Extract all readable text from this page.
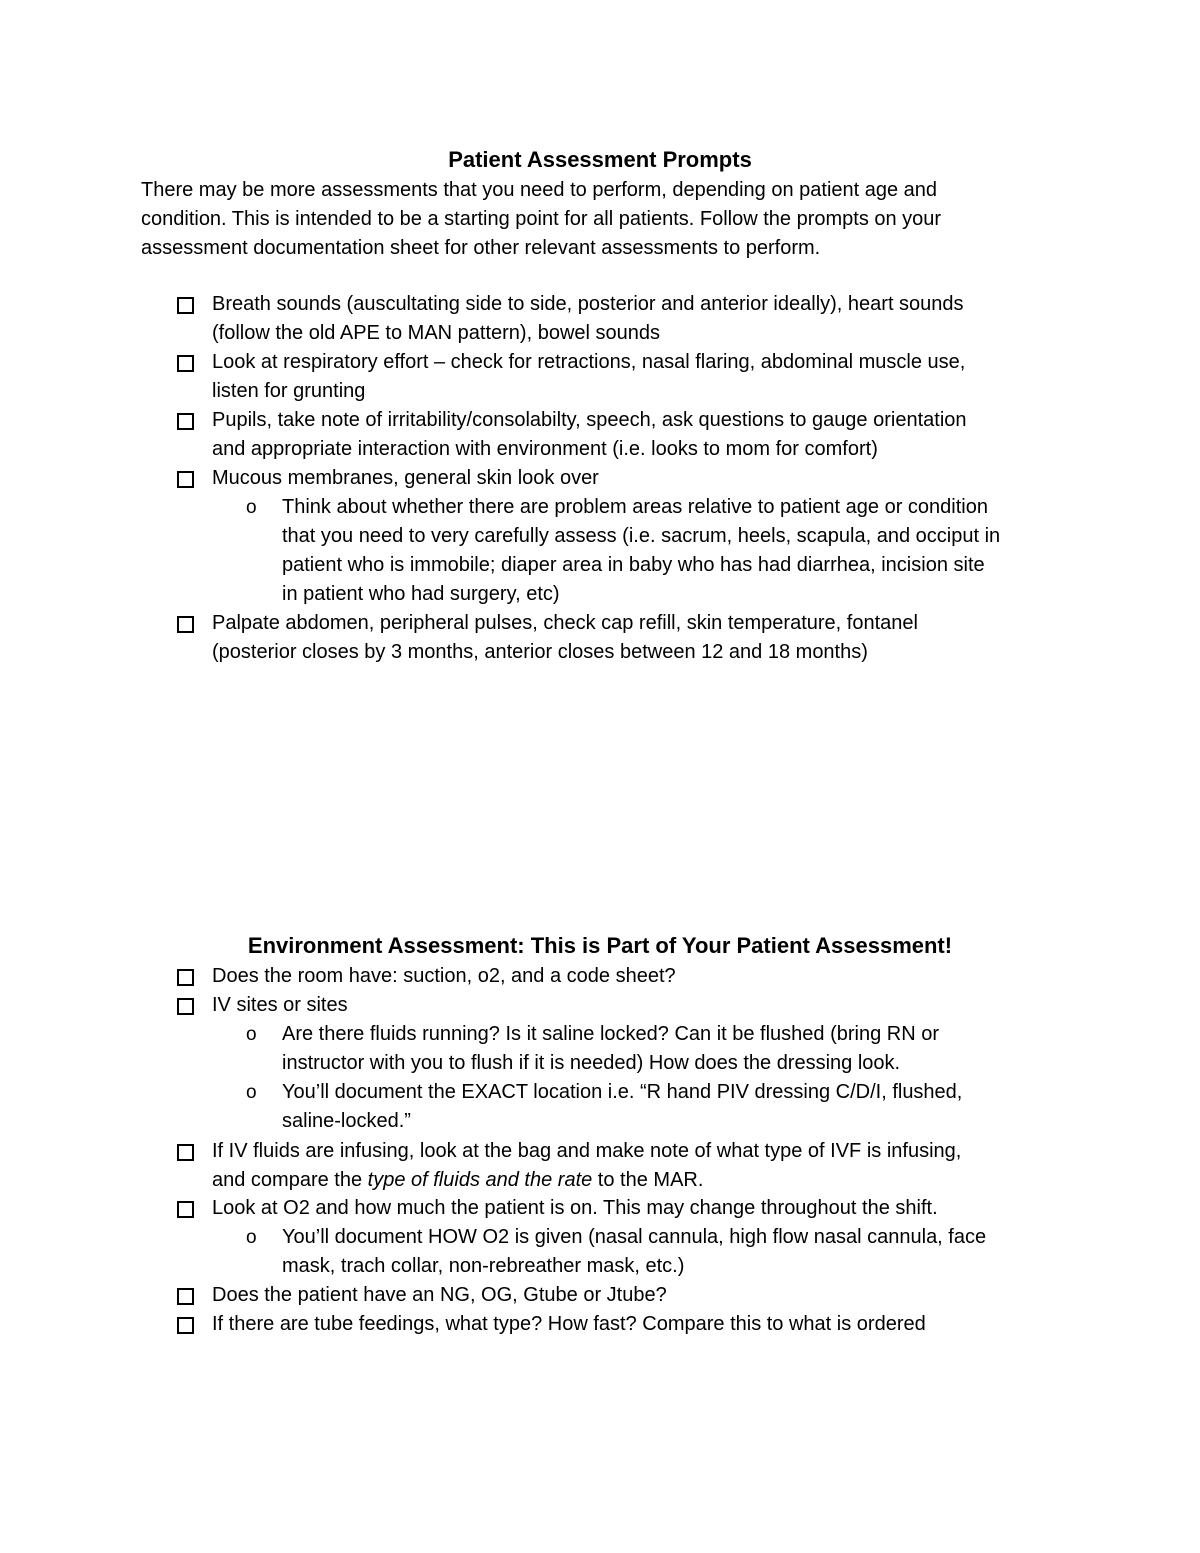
Patient Assessment Prompts

There may be more assessments that you need to perform, depending on patient age and
condition. This is intended to be a starting point for all patients. Follow the prompts on your
assessment documentation sheet for other relevant assessments to perform.

Breath sounds (auscultating side to side, posterior and anterior ideally), heart sounds
(follow the old APE to MAN pattern), bowel sounds
Look at respiratory effort – check for retractions, nasal flaring, abdominal muscle use,
listen for grunting
Pupils, take note of irritability/consolabilty, speech, ask questions to gauge orientation
and appropriate interaction with environment (i.e. looks to mom for comfort)
Mucous membranes, general skin look over
o Think about whether there are problem areas relative to patient age or condition
that you need to very carefully assess (i.e. sacrum, heels, scapula, and occiput in
patient who is immobile; diaper area in baby who has had diarrhea, incision site
in patient who had surgery, etc)
Palpate abdomen, peripheral pulses, check cap refill, skin temperature, fontanel
(posterior closes by 3 months, anterior closes between 12 and 18 months)
Environment Assessment: This is Part of Your Patient Assessment!
Does the room have: suction, o2, and a code sheet?
IV sites or sites
o Are there fluids running? Is it saline locked? Can it be flushed (bring RN or
instructor with you to flush if it is needed) How does the dressing look.
o You’ll document the EXACT location i.e. “R hand PIV dressing C/D/I, flushed,
saline-locked.”
If IV fluids are infusing, look at the bag and make note of what type of IVF is infusing,
and compare the type of fluids and the rate to the MAR.
Look at O2 and how much the patient is on. This may change throughout the shift.
o You’ll document HOW O2 is given (nasal cannula, high flow nasal cannula, face
mask, trach collar, non-rebreather mask, etc.)
Does the patient have an NG, OG, Gtube or Jtube?
If there are tube feedings, what type? How fast? Compare this to what is ordered
